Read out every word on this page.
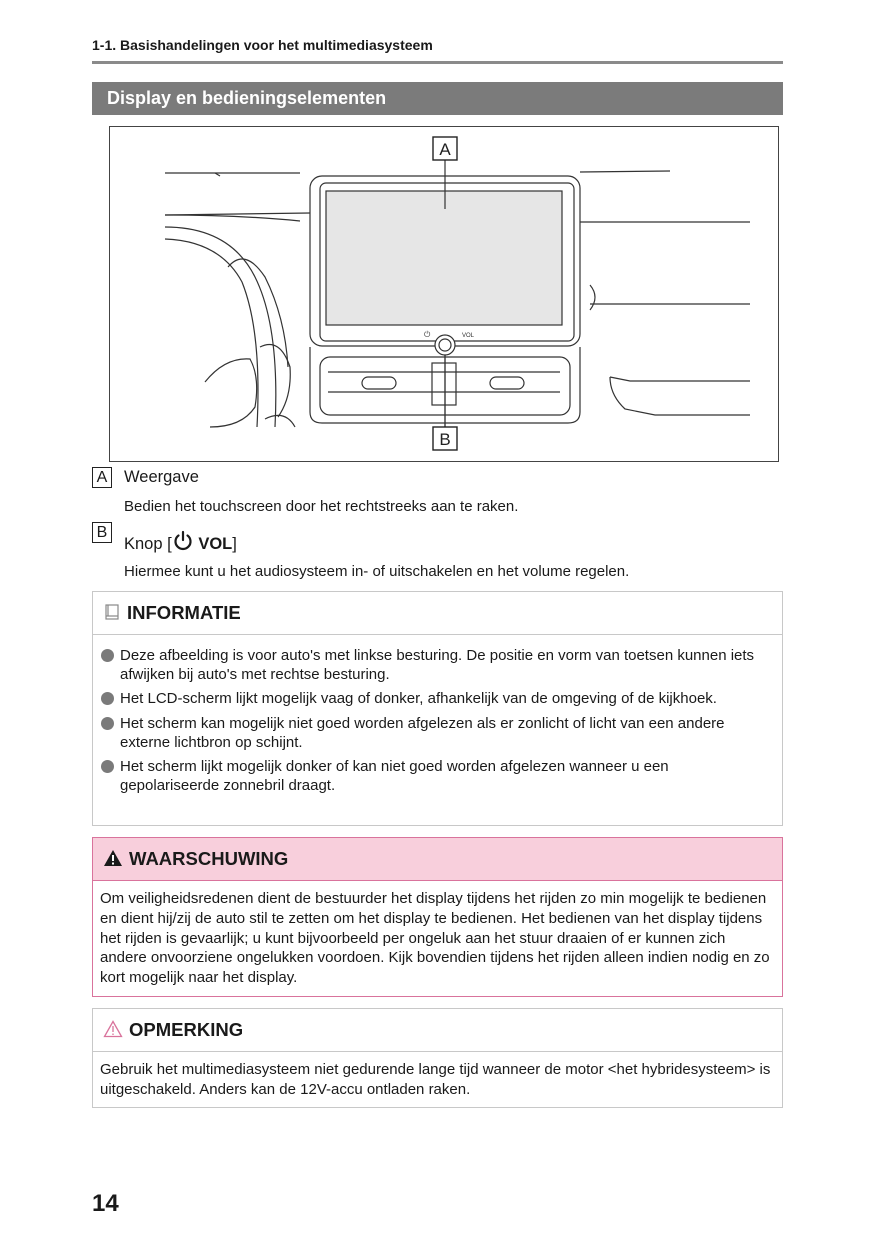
1-1. Basishandelingen voor het multimediasysteem
Display en bedieningselementen
⏻	VOL
A
B
A Weergave
Bedien het touchscreen door het rechtstreeks aan te raken.
B
Knop [ VOL]
Hiermee kunt u het audiosysteem in- of uitschakelen en het volume regelen.
INFORMATIE
Deze afbeelding is voor auto's met linkse besturing. De positie en vorm van toetsen kunnen iets afwijken bij auto's met rechtse besturing.
Het LCD-scherm lijkt mogelijk vaag of donker, afhankelijk van de omgeving of de kijkhoek.
Het scherm kan mogelijk niet goed worden afgelezen als er zonlicht of licht van een andere externe lichtbron op schijnt.
Het scherm lijkt mogelijk donker of kan niet goed worden afgelezen wanneer u een gepolariseerde zonnebril draagt.
WAARSCHUWING
Om veiligheidsredenen dient de bestuurder het display tijdens het rijden zo min mogelijk te bedienen en dient hij/zij de auto stil te zetten om het display te bedienen. Het bedienen van het display tijdens het rijden is gevaarlijk; u kunt bijvoorbeeld per ongeluk aan het stuur draaien of er kunnen zich andere onvoorziene ongelukken voordoen. Kijk bovendien tijdens het rijden alleen indien nodig en zo kort mogelijk naar het display.
OPMERKING
Gebruik het multimediasysteem niet gedurende lange tijd wanneer de motor <het hybridesysteem> is uitgeschakeld. Anders kan de 12V-accu ontladen raken.
14
